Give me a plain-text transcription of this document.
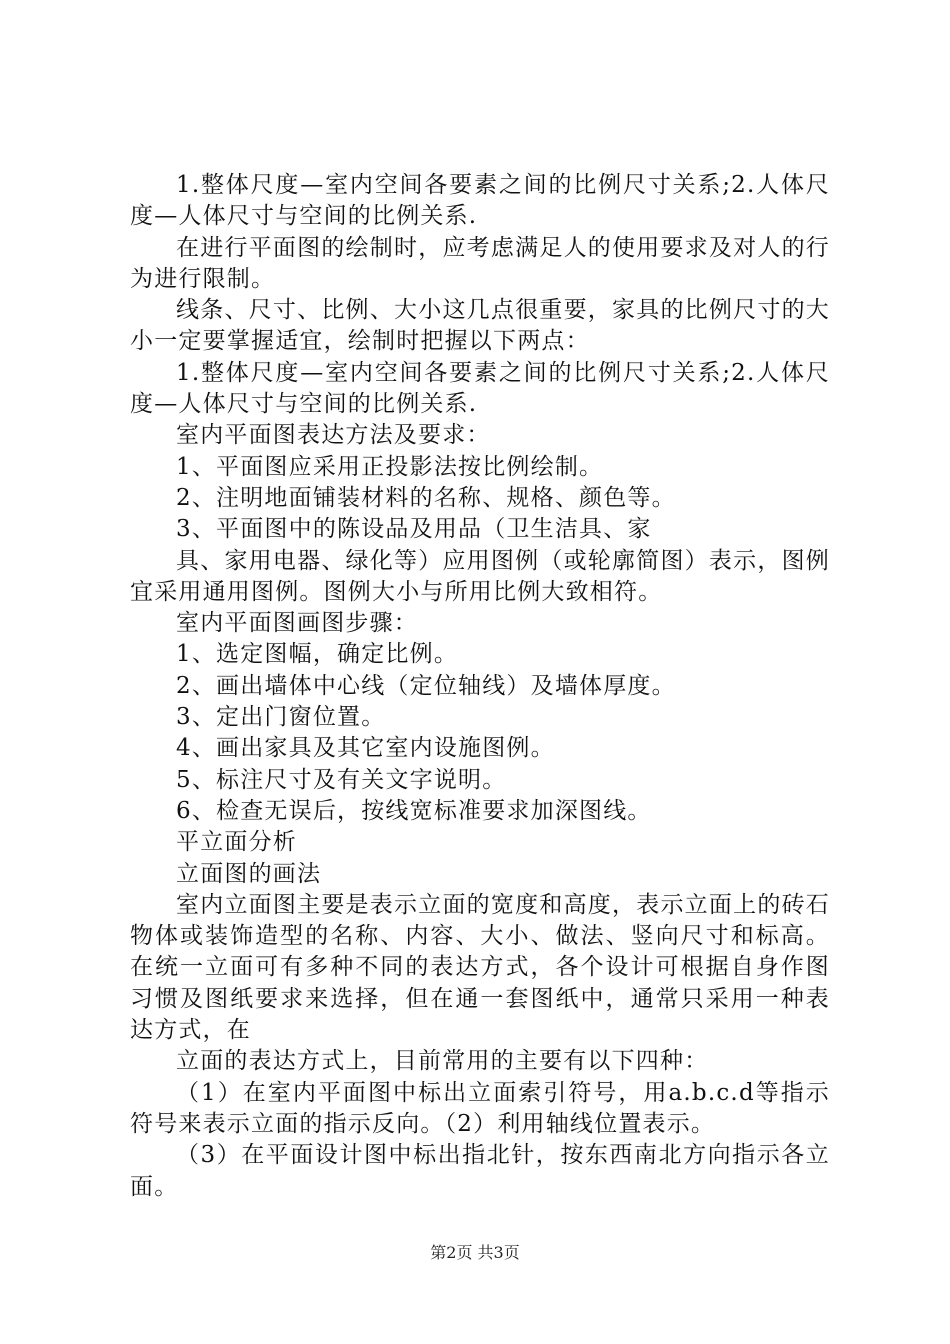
1.整体尺度—室内空间各要素之间的比例尺寸关系;2.人体尺度—人体尺寸与空间的比例关系.

在进行平面图的绘制时，应考虑满足人的使用要求及对人的行为进行限制。

线条、尺寸、比例、大小这几点很重要，家具的比例尺寸的大小一定要掌握适宜，绘制时把握以下两点：

1.整体尺度—室内空间各要素之间的比例尺寸关系;2.人体尺度—人体尺寸与空间的比例关系.

室内平面图表达方法及要求：

1、平面图应采用正投影法按比例绘制。

2、注明地面铺装材料的名称、规格、颜色等。

3、平面图中的陈设品及用品（卫生洁具、家

具、家用电器、绿化等）应用图例（或轮廓简图）表示，图例宜采用通用图例。图例大小与所用比例大致相符。

室内平面图画图步骤：

1、选定图幅，确定比例。

2、画出墙体中心线（定位轴线）及墙体厚度。

3、定出门窗位置。

4、画出家具及其它室内设施图例。

5、标注尺寸及有关文字说明。

6、检查无误后，按线宽标准要求加深图线。

平立面分析

立面图的画法

室内立面图主要是表示立面的宽度和高度，表示立面上的砖石物体或装饰造型的名称、内容、大小、做法、竖向尺寸和标高。在统一立面可有多种不同的表达方式，各个设计可根据自身作图习惯及图纸要求来选择，但在通一套图纸中，通常只采用一种表达方式，在

立面的表达方式上，目前常用的主要有以下四种：

（1）在室内平面图中标出立面索引符号，用a.b.c.d等指示符号来表示立面的指示反向。（2）利用轴线位置表示。

（3）在平面设计图中标出指北针，按东西南北方向指示各立面。

第2页 共3页
